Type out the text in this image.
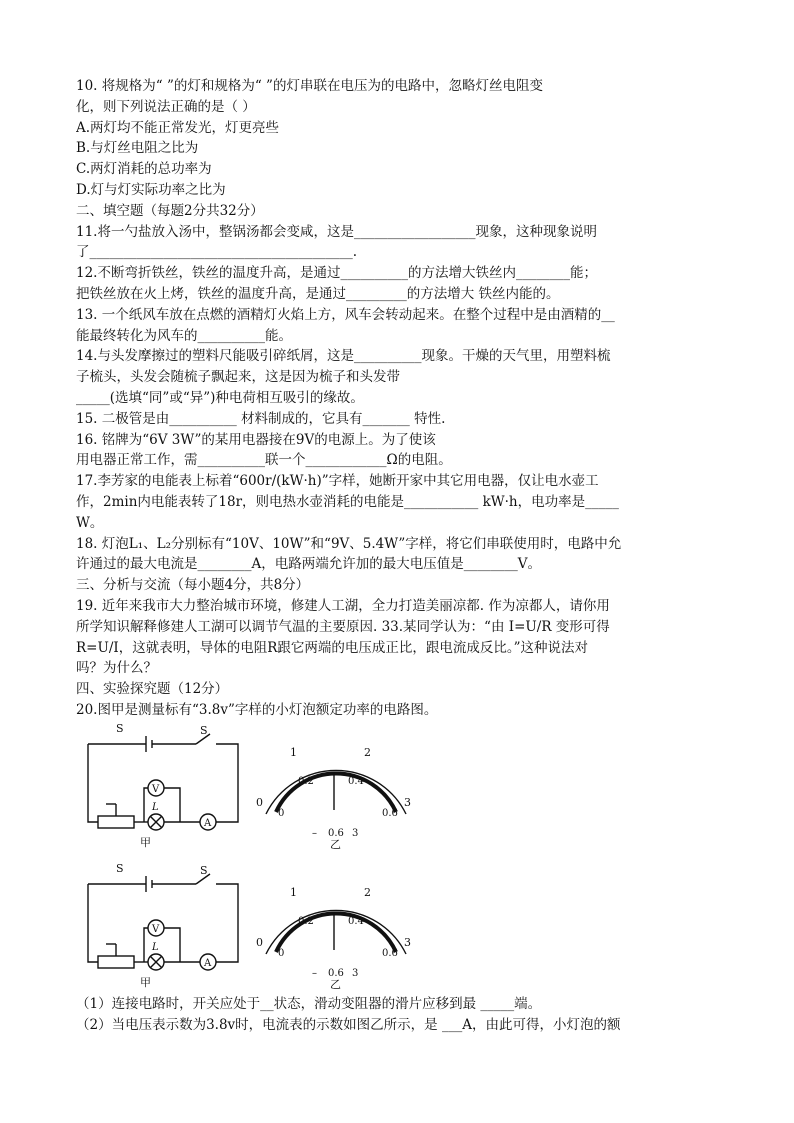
10. 将规格为“ ”的灯和规格为“ ”的灯串联在电压为的电路中，忽略灯丝电阻变
化，则下列说法正确的是（ ）
A.两灯均不能正常发光，灯更亮些
B.与灯丝电阻之比为
C.两灯消耗的总功率为
D.灯与灯实际功率之比为
二、填空题（每题2分共32分）
11.将一勺盐放入汤中，整锅汤都会变咸，这是__________________现象，这种现象说明
了_______________________________________.
12.不断弯折铁丝，铁丝的温度升高，是通过__________的方法增大铁丝内________能；
把铁丝放在火上烤，铁丝的温度升高，是通过_________的方法增大 铁丝内能的。
13. 一个纸风车放在点燃的酒精灯火焰上方，风车会转动起来。在整个过程中是由酒精的__
能最终转化为风车的__________能。
14.与头发摩擦过的塑料尺能吸引碎纸屑，这是__________现象。干燥的天气里，用塑料梳
子梳头，头发会随梳子飘起来，这是因为梳子和头发带
_____(选填“同”或“异”)种电荷相互吸引的缘故。
15. 二极管是由__________ 材料制成的，它具有_______ 特性.
16. 铭牌为“6V 3W”的某用电器接在9V的电源上。为了使该
用电器正常工作，需__________联一个____________Ω的电阻。
17.李芳家的电能表上标着“600r/(kW·h)”字样，她断开家中其它用电器，仅让电水壶工
作，2min内电能表转了18r，则电热水壶消耗的电能是___________ kW·h，电功率是_____
W。
18. 灯泡L₁、L₂分别标有“10V、10W”和“9V、5.4W”字样，将它们串联使用时，电路中允
许通过的最大电流是________A，电路两端允许加的最大电压值是________V。
三、分析与交流（每小题4分，共8分）
19. 近年来我市大力整治城市环境，修建人工湖，全力打造美丽凉都. 作为凉都人，请你用
所学知识解释修建人工湖可以调节气温的主要原因. 33.某同学认为：“由 I=U/R 变形可得
R=U/I，这就表明，导体的电阻R跟它两端的电压成正比，跟电流成反比。”这种说法对
吗？为什么？
四、实验探究题（12分）
20.图甲是测量标有“3.8v”字样的小灯泡额定功率的电路图。
S	S
V
A
L
甲
0
1	2
3
0
0.2	0.4
0.6
– 0.6 3
乙
S	S
V
A
L
甲
0
1	2
3
0
0.2	0.4
0.6
– 0.6 3
乙
（1）连接电路时，开关应处于__状态，滑动变阻器的滑片应移到最 _____端。
（2）当电压表示数为3.8v时，电流表的示数如图乙所示，是 ___A，由此可得，小灯泡的额
